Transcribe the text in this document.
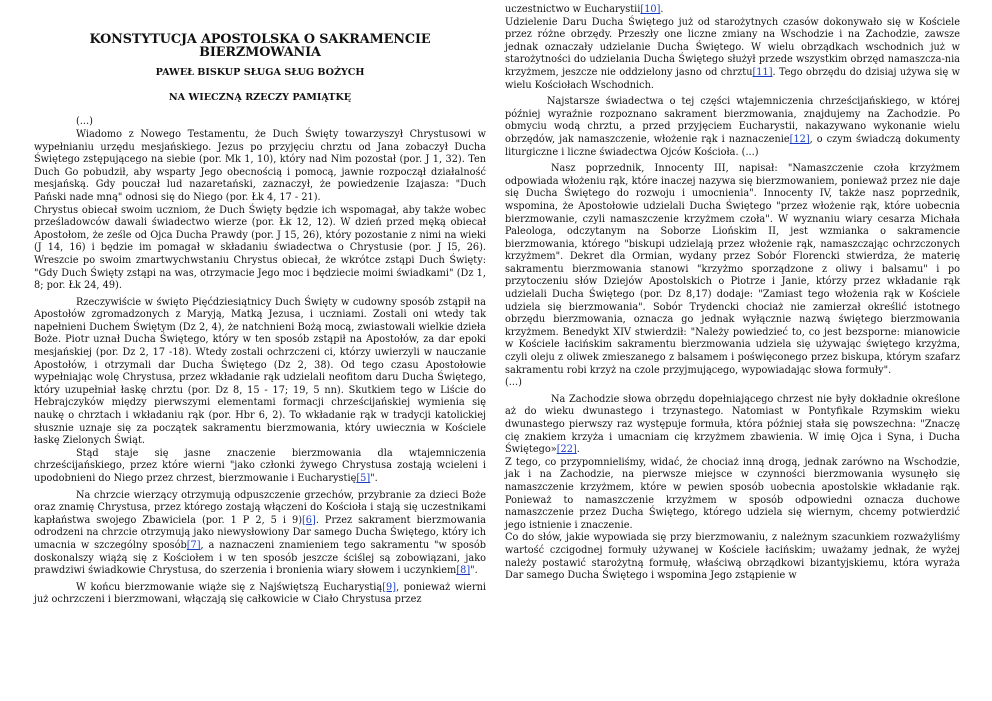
KONSTYTUCJA APOSTOLSKA O SAKRAMENCIE BIERZMOWANIA
PAWEŁ BISKUP SŁUGA SŁUG BOŻYCH
NA WIECZNĄ RZECZY PAMIĄTKĘ

(...)

Wiadomo z Nowego Testamentu, że Duch Święty towarzyszył Chrystusowi w wypełnianiu urzędu mesjańskiego. Jezus po przyjęciu chrztu od Jana zobaczył Ducha Świętego zstępującego na siebie (por. Mk 1, 10), który nad Nim pozostał (por. J 1, 32). Ten Duch Go pobudził, aby wsparty Jego obecnością i pomocą, jawnie rozpoczął działalność mesjańską. Gdy pouczał lud nazaretański, zaznaczył, że powiedzenie Izajasza: "Duch Pański nade mną" odnosi się do Niego (por. Łk 4, 17 - 21).

Chrystus obiecał swoim uczniom, że Duch Święty będzie ich wspomagał, aby także wobec prześladowców dawali świadectwo wierze (por. Łk 12, 12). W dzień przed męką obiecał Apostołom, że ześle od Ojca Ducha Prawdy (por. J 15, 26), który pozostanie z nimi na wieki (J 14, 16) i będzie im pomagał w składaniu świadectwa o Chrystusie (por. J I5, 26). Wreszcie po swoim zmartwychwstaniu Chrystus obiecał, że wkrótce zstąpi Duch Święty: "Gdy Duch Święty zstąpi na was, otrzymacie Jego moc i będziecie moimi świadkami" (Dz 1, 8; por. Łk 24, 49).

Rzeczywiście w święto Pięćdziesiątnicy Duch Święty w cudowny sposób zstąpił na Apostołów zgromadzonych z Maryją, Matką Jezusa, i uczniami. Zostali oni wtedy tak napełnieni Duchem Świętym (Dz 2, 4), że natchnieni Bożą mocą, zwiastowali wielkie dzieła Boże. Piotr uznał Ducha Świętego, który w ten sposób zstąpił na Apostołów, za dar epoki mesjańskiej (por. Dz 2, 17 -18). Wtedy zostali ochrzczeni ci, którzy uwierzyli w nauczanie Apostołów, i otrzymali dar Ducha Świętego (Dz 2, 38). Od tego czasu Apostołowie wypełniając wolę Chrystusa, przez wkładanie rąk udzielali neofitom daru Ducha Świętego, który uzupełniał łaskę chrztu (por. Dz 8, 15 - 17; 19, 5 nn). Skutkiem tego w Liście do Hebrajczyków między pierwszymi elementami formacji chrześcijańskiej wymienia się naukę o chrztach i wkładaniu rąk (por. Hbr 6, 2). To wkładanie rąk w tradycji katolickiej słusznie uznaje się za początek sakramentu bierzmowania, który uwiecznia w Kościele łaskę Zielonych Świąt.

Stąd staje się jasne znaczenie bierzmowania dla wtajemniczenia chrześcijańskiego, przez które wierni "jako członki żywego Chrystusa zostają wcieleni i upodobnieni do Niego przez chrzest, bierzmowanie i Eucharystię[5]".

Na chrzcie wierzący otrzymują odpuszczenie grzechów, przybranie za dzieci Boże oraz znamię Chrystusa, przez którego zostają włączeni do Kościoła i stają się uczestnikami kapłaństwa swojego Zbawiciela (por. 1 P 2, 5 i 9)[6]. Przez sakrament bierzmowania odrodzeni na chrzcie otrzymują jako niewysłowiony Dar samego Ducha Świętego, który ich umacnia w szczególny sposób[7], a naznaczeni znamieniem tego sakramentu "w sposób doskonalszy wiążą się z Kościołem i w ten sposób jeszcze ściślej są zobowiązani, jako prawdziwi świadkowie Chrystusa, do szerzenia i bronienia wiary słowem i uczynkiem[8]".

W końcu bierzmowanie wiąże się z Najświętszą Eucharystią[9], ponieważ wierni już ochrzczeni i bierzmowani, włączają się całkowicie w Ciało Chrystusa przez

uczestnictwo w Eucharystii[10].

Udzielenie Daru Ducha Świętego już od starożytnych czasów dokonywało się w Kościele przez różne obrzędy. Przeszły one liczne zmiany na Wschodzie i na Zachodzie, zawsze jednak oznaczały udzielanie Ducha Świętego. W wielu obrządkach wschodnich już w starożytności do udzielania Ducha Świętego służył przede wszystkim obrzęd namaszcza-nia krzyżmem, jeszcze nie oddzielony jasno od chrztu[11]. Tego obrzędu do dzisiaj używa się w wielu Kościołach Wschodnich.

Najstarsze świadectwa o tej części wtajemniczenia chrześcijańskiego, w której później wyraźnie rozpoznano sakrament bierzmowania, znajdujemy na Zachodzie. Po obmyciu wodą chrztu, a przed przyjęciem Eucharystii, nakazywano wykonanie wielu obrzędów, jak namaszczenie, włożenie rąk i naznaczenie[12], o czym świadczą dokumenty liturgiczne i liczne świadectwa Ojców Kościoła. (...)

Nasz poprzednik, Innocenty III, napisał: "Namaszczenie czoła krzyżmem odpowiada włożeniu rąk, które inaczej nazywa się bierzmowaniem, ponieważ przez nie daje się Ducha Świętego do rozwoju i umocnienia". Innocenty IV, także nasz poprzednik, wspomina, że Apostołowie udzielali Ducha Świętego "przez włożenie rąk, które uobecnia bierzmowanie, czyli namaszczenie krzyżmem czoła". W wyznaniu wiary cesarza Michała Paleologa, odczytanym na Soborze Liońskim II, jest wzmianka o sakramencie bierzmowania, którego "biskupi udzielają przez włożenie rąk, namaszczając ochrzczonych krzyżmem". Dekret dla Ormian, wydany przez Sobór Florencki stwierdza, że materię sakramentu bierzmowania stanowi "krzyżmo sporządzone z oliwy i balsamu" i po przytoczeniu słów Dziejów Apostolskich o Piotrze i Janie, którzy przez wkładanie rąk udzielali Ducha Świętego (por. Dz 8,17) dodaje: "Zamiast tego włożenia rąk w Kościele udziela się bierzmowania". Sobór Trydencki chociaż nie zamierzał określić istotnego obrzędu bierzmowania, oznacza go jednak wyłącznie nazwą świętego bierzmowania krzyżmem. Benedykt XIV stwierdził: "Należy powiedzieć to, co jest bezsporne: mianowicie w Kościele łacińskim sakramentu bierzmowania udziela się używając świętego krzyżma, czyli oleju z oliwek zmieszanego z balsamem i poświęconego przez biskupa, którym szafarz sakramentu robi krzyż na czole przyjmującego, wypowiadając słowa formuły".

(...)

Na Zachodzie słowa obrzędu dopełniającego chrzest nie były dokładnie określone aż do wieku dwunastego i trzynastego. Natomiast w Pontyfikale Rzymskim wieku dwunastego pierwszy raz występuje formuła, która później stała się powszechna: "Znaczę cię znakiem krzyża i umacniam cię krzyżmem zbawienia. W imię Ojca i Syna, i Ducha Świętego»[22].

Z tego, co przypomnieliśmy, widać, że chociaż inną drogą, jednak zarówno na Wschodzie, jak i na Zachodzie, na pierwsze miejsce w czynności bierzmowania wysunęło się namaszczenie krzyżmem, które w pewien sposób uobecnia apostolskie wkładanie rąk. Ponieważ to namaszczenie krzyżmem w sposób odpowiedni oznacza duchowe namaszczenie przez Ducha Świętego, którego udziela się wiernym, chcemy potwierdzić jego istnienie i znaczenie.

Co do słów, jakie wypowiada się przy bierzmowaniu, z należnym szacunkiem rozważyliśmy wartość czcigodnej formuły używanej w Kościele łacińskim; uważamy jednak, że wyżej należy postawić starożytną formułę, właściwą obrządkowi bizantyjskiemu, która wyraża Dar samego Ducha Świętego i wspomina Jego zstąpienie w
